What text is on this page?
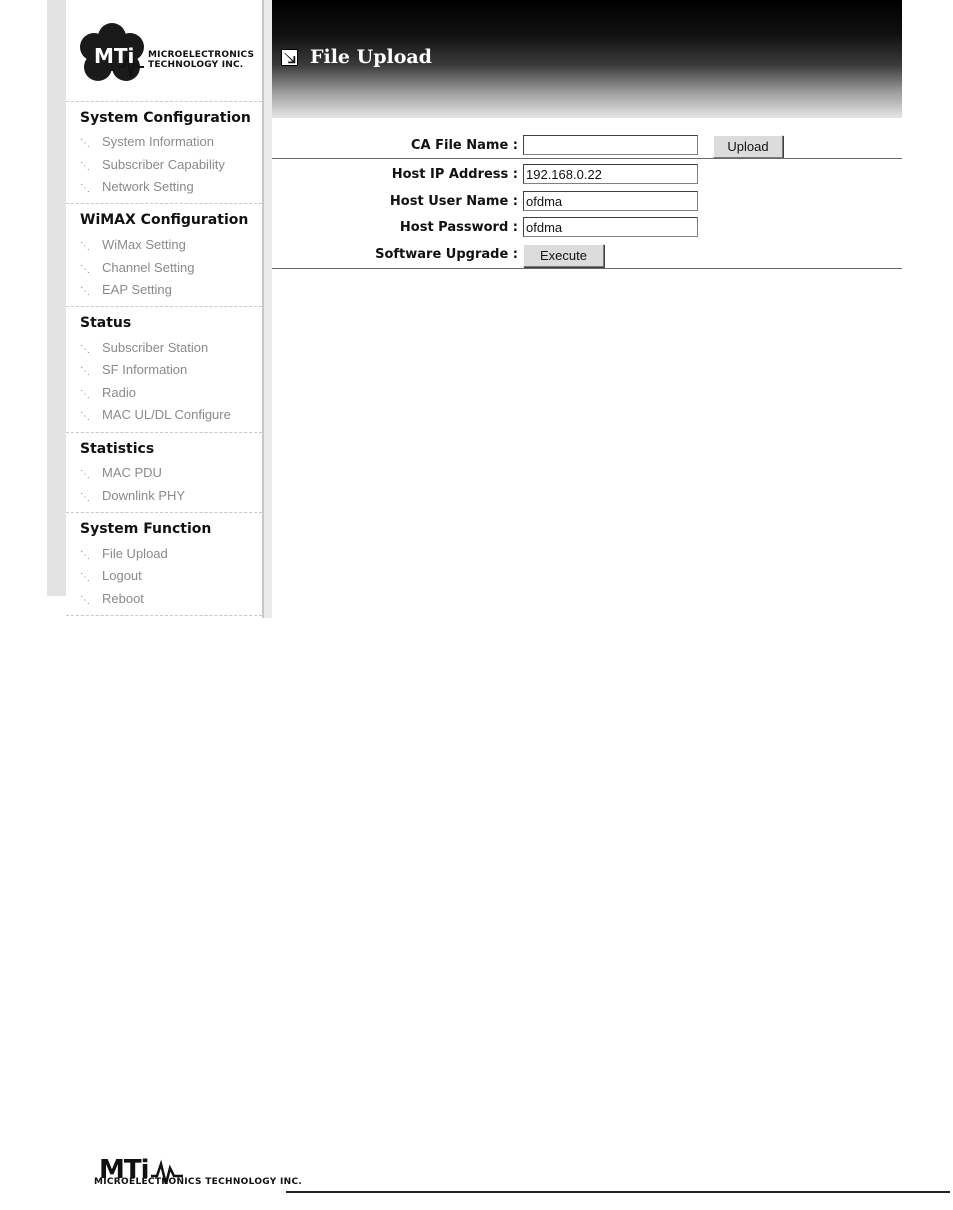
MTi MICROELECTRONICS
TECHNOLOGY INC.
System Configuration
⋱ System Information
⋱ Subscriber Capability
⋱ Network Setting
WiMAX Configuration
⋱ WiMax Setting
⋱ Channel Setting
⋱ EAP Setting
Status
⋱ Subscriber Station
⋱ SF Information
⋱ Radio
⋱ MAC UL/DL Configure
Statistics
⋱ MAC PDU
⋱ Downlink PHY
System Function
⋱ File Upload
⋱ Logout
⋱ Reboot
File Upload
CA File Name :	Upload
Host IP Address :
192.168.0.22
Host User Name :
ofdma
Host Password :
ofdma
Software Upgrade :	Execute
MTi
MICROELECTRONICS TECHNOLOGY INC.
